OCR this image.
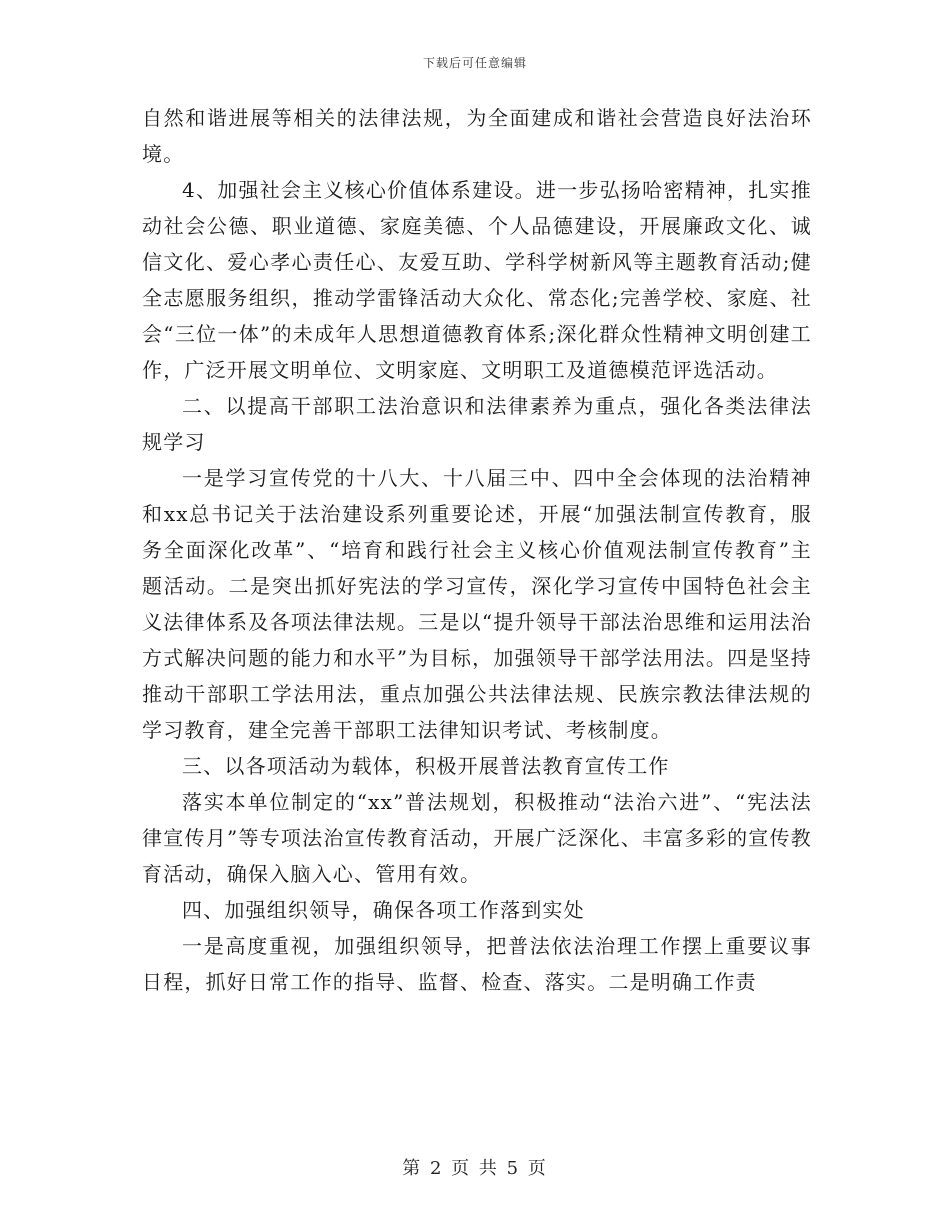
下载后可任意编辑

自然和谐进展等相关的法律法规，为全面建成和谐社会营造良好法治环境。

4、加强社会主义核心价值体系建设。进一步弘扬哈密精神，扎实推动社会公德、职业道德、家庭美德、个人品德建设，开展廉政文化、诚信文化、爱心孝心责任心、友爱互助、学科学树新风等主题教育活动;健全志愿服务组织，推动学雷锋活动大众化、常态化;完善学校、家庭、社会“三位一体”的未成年人思想道德教育体系;深化群众性精神文明创建工作，广泛开展文明单位、文明家庭、文明职工及道德模范评选活动。

二、以提高干部职工法治意识和法律素养为重点，强化各类法律法规学习

一是学习宣传党的十八大、十八届三中、四中全会体现的法治精神和xx总书记关于法治建设系列重要论述，开展“加强法制宣传教育，服务全面深化改革”、“培育和践行社会主义核心价值观法制宣传教育”主题活动。二是突出抓好宪法的学习宣传，深化学习宣传中国特色社会主义法律体系及各项法律法规。三是以“提升领导干部法治思维和运用法治方式解决问题的能力和水平”为目标，加强领导干部学法用法。四是坚持推动干部职工学法用法，重点加强公共法律法规、民族宗教法律法规的学习教育，建全完善干部职工法律知识考试、考核制度。

三、以各项活动为载体，积极开展普法教育宣传工作

落实本单位制定的“xx”普法规划，积极推动“法治六进”、“宪法法律宣传月”等专项法治宣传教育活动，开展广泛深化、丰富多彩的宣传教育活动，确保入脑入心、管用有效。

四、加强组织领导，确保各项工作落到实处

一是高度重视，加强组织领导，把普法依法治理工作摆上重要议事日程，抓好日常工作的指导、监督、检查、落实。二是明确工作责

第 2 页 共 5 页
